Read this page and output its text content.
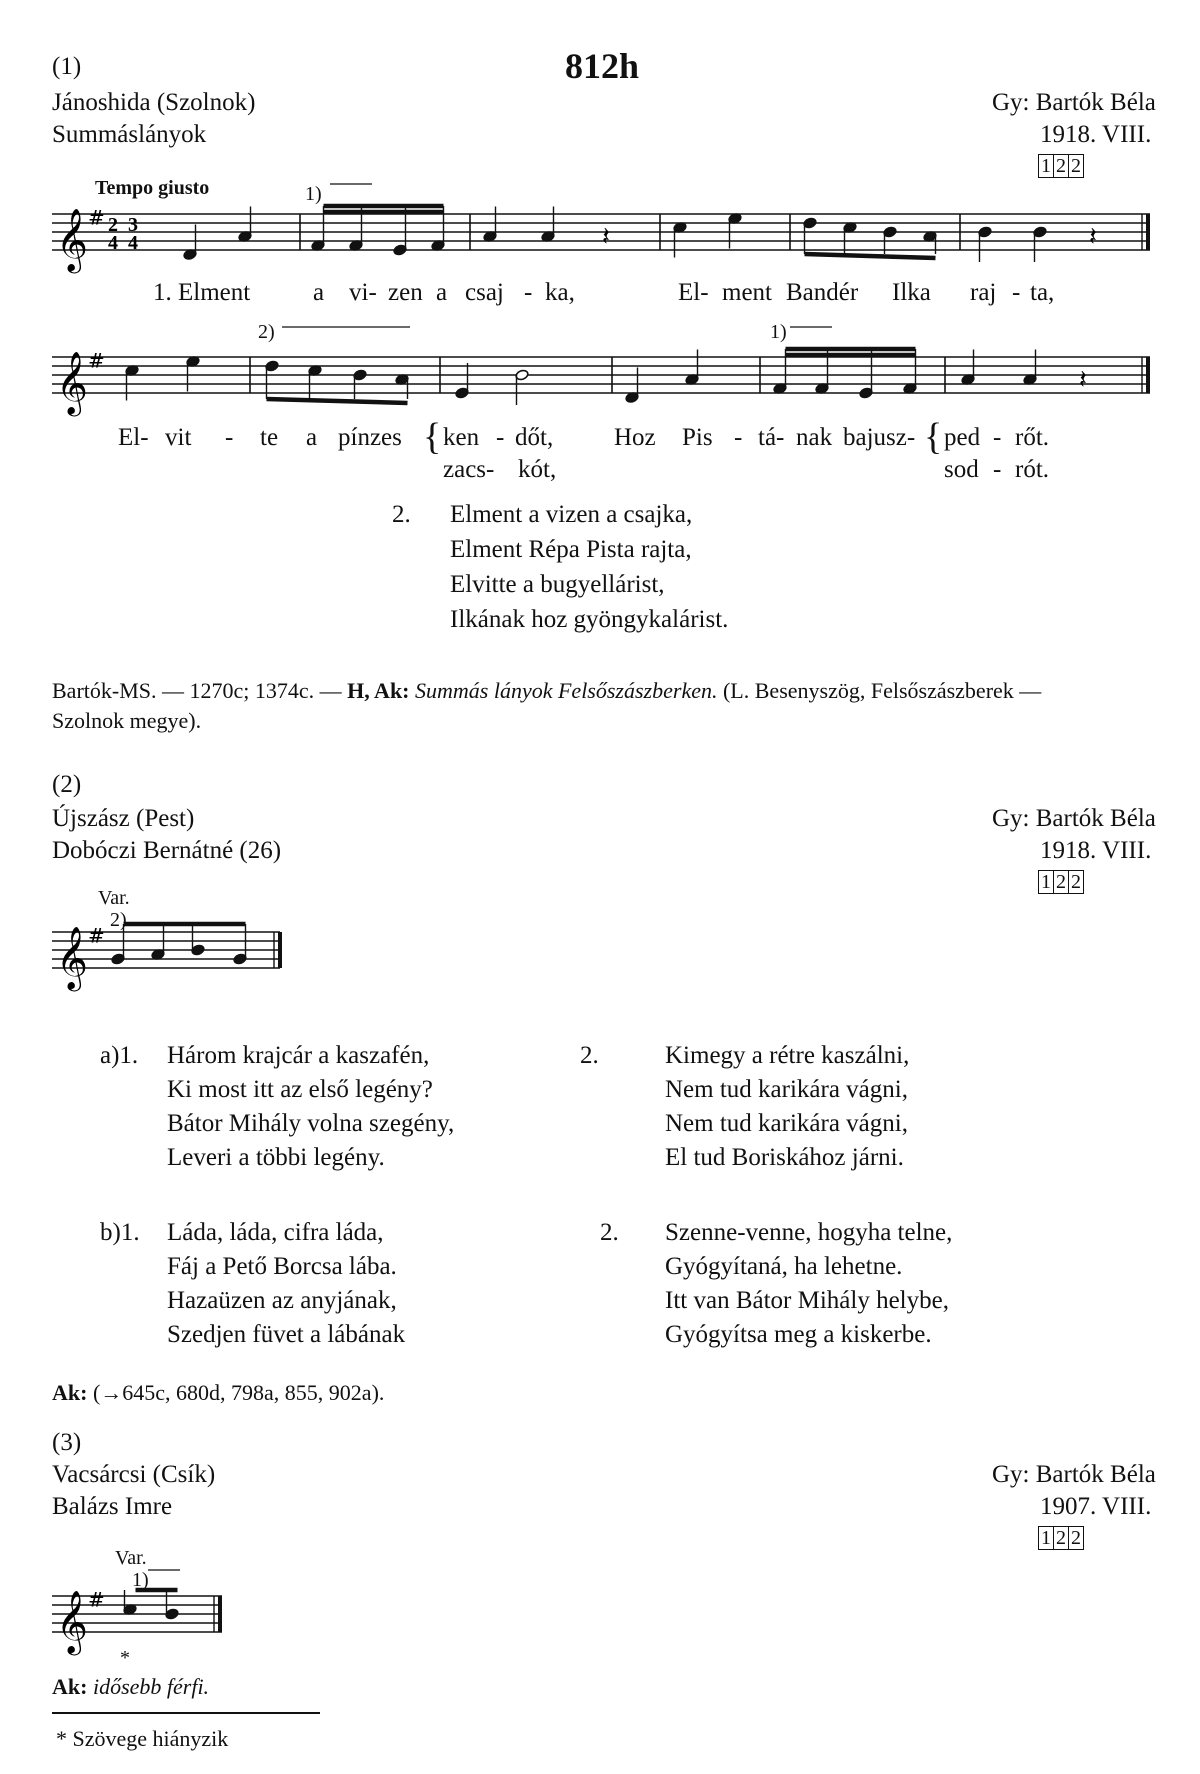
812h
(1)
Jánoshida (Szolnok)
Summáslányok
Gy: Bartók Béla
1918. VIII.
1 2 2
Tempo giusto	1)
2)	1)
𝄞 # 2
4
3
4	𝄽	𝄽
𝄞 #
𝄽
𝄞 #
𝄞 #
1. Elment	a vi- zen a csaj - ka,	El- ment Bandér Ilka raj - ta,
El- vit - te a pínzes { ken - dőt, Hoz Pis - tá- nak bajusz- { ped - rőt.
zacs- kót,	sod - rót.
2. Elment a vizen a csajka,
Elment Répa Pista rajta,
Elvitte a bugyellárist,
Ilkának hoz gyöngykalárist.
Bartók-MS. — 1270c; 1374c. — H, Ak: Summás lányok Felsőszászberken. (L. Besenyszög, Felsőszászberek —
Szolnok megye).
(2)
Újszász (Pest)
Dobóczi Bernátné (26)
Gy: Bartók Béla
1918. VIII.
1 2 2
Var.
2)
a)1. Három krajcár a kaszafén,
Ki most itt az első legény?
Bátor Mihály volna szegény,
Leveri a többi legény.
2.	Kimegy a rétre kaszálni,
Nem tud karikára vágni,
Nem tud karikára vágni,
El tud Boriskához járni.
b)1. Láda, láda, cifra láda,
Fáj a Pető Borcsa lába.
Hazaüzen az anyjának,
Szedjen füvet a lábának
2. Szenne-venne, hogyha telne,
Gyógyítaná, ha lehetne.
Itt van Bátor Mihály helybe,
Gyógyítsa meg a kiskerbe.
Ak: (→645c, 680d, 798a, 855, 902a).
(3)
Vacsárcsi (Csík)
Balázs Imre
Gy: Bartók Béla
1907. VIII.
1 2 2
Var.
1)
*
Ak: idősebb férfi.
* Szövege hiányzik
